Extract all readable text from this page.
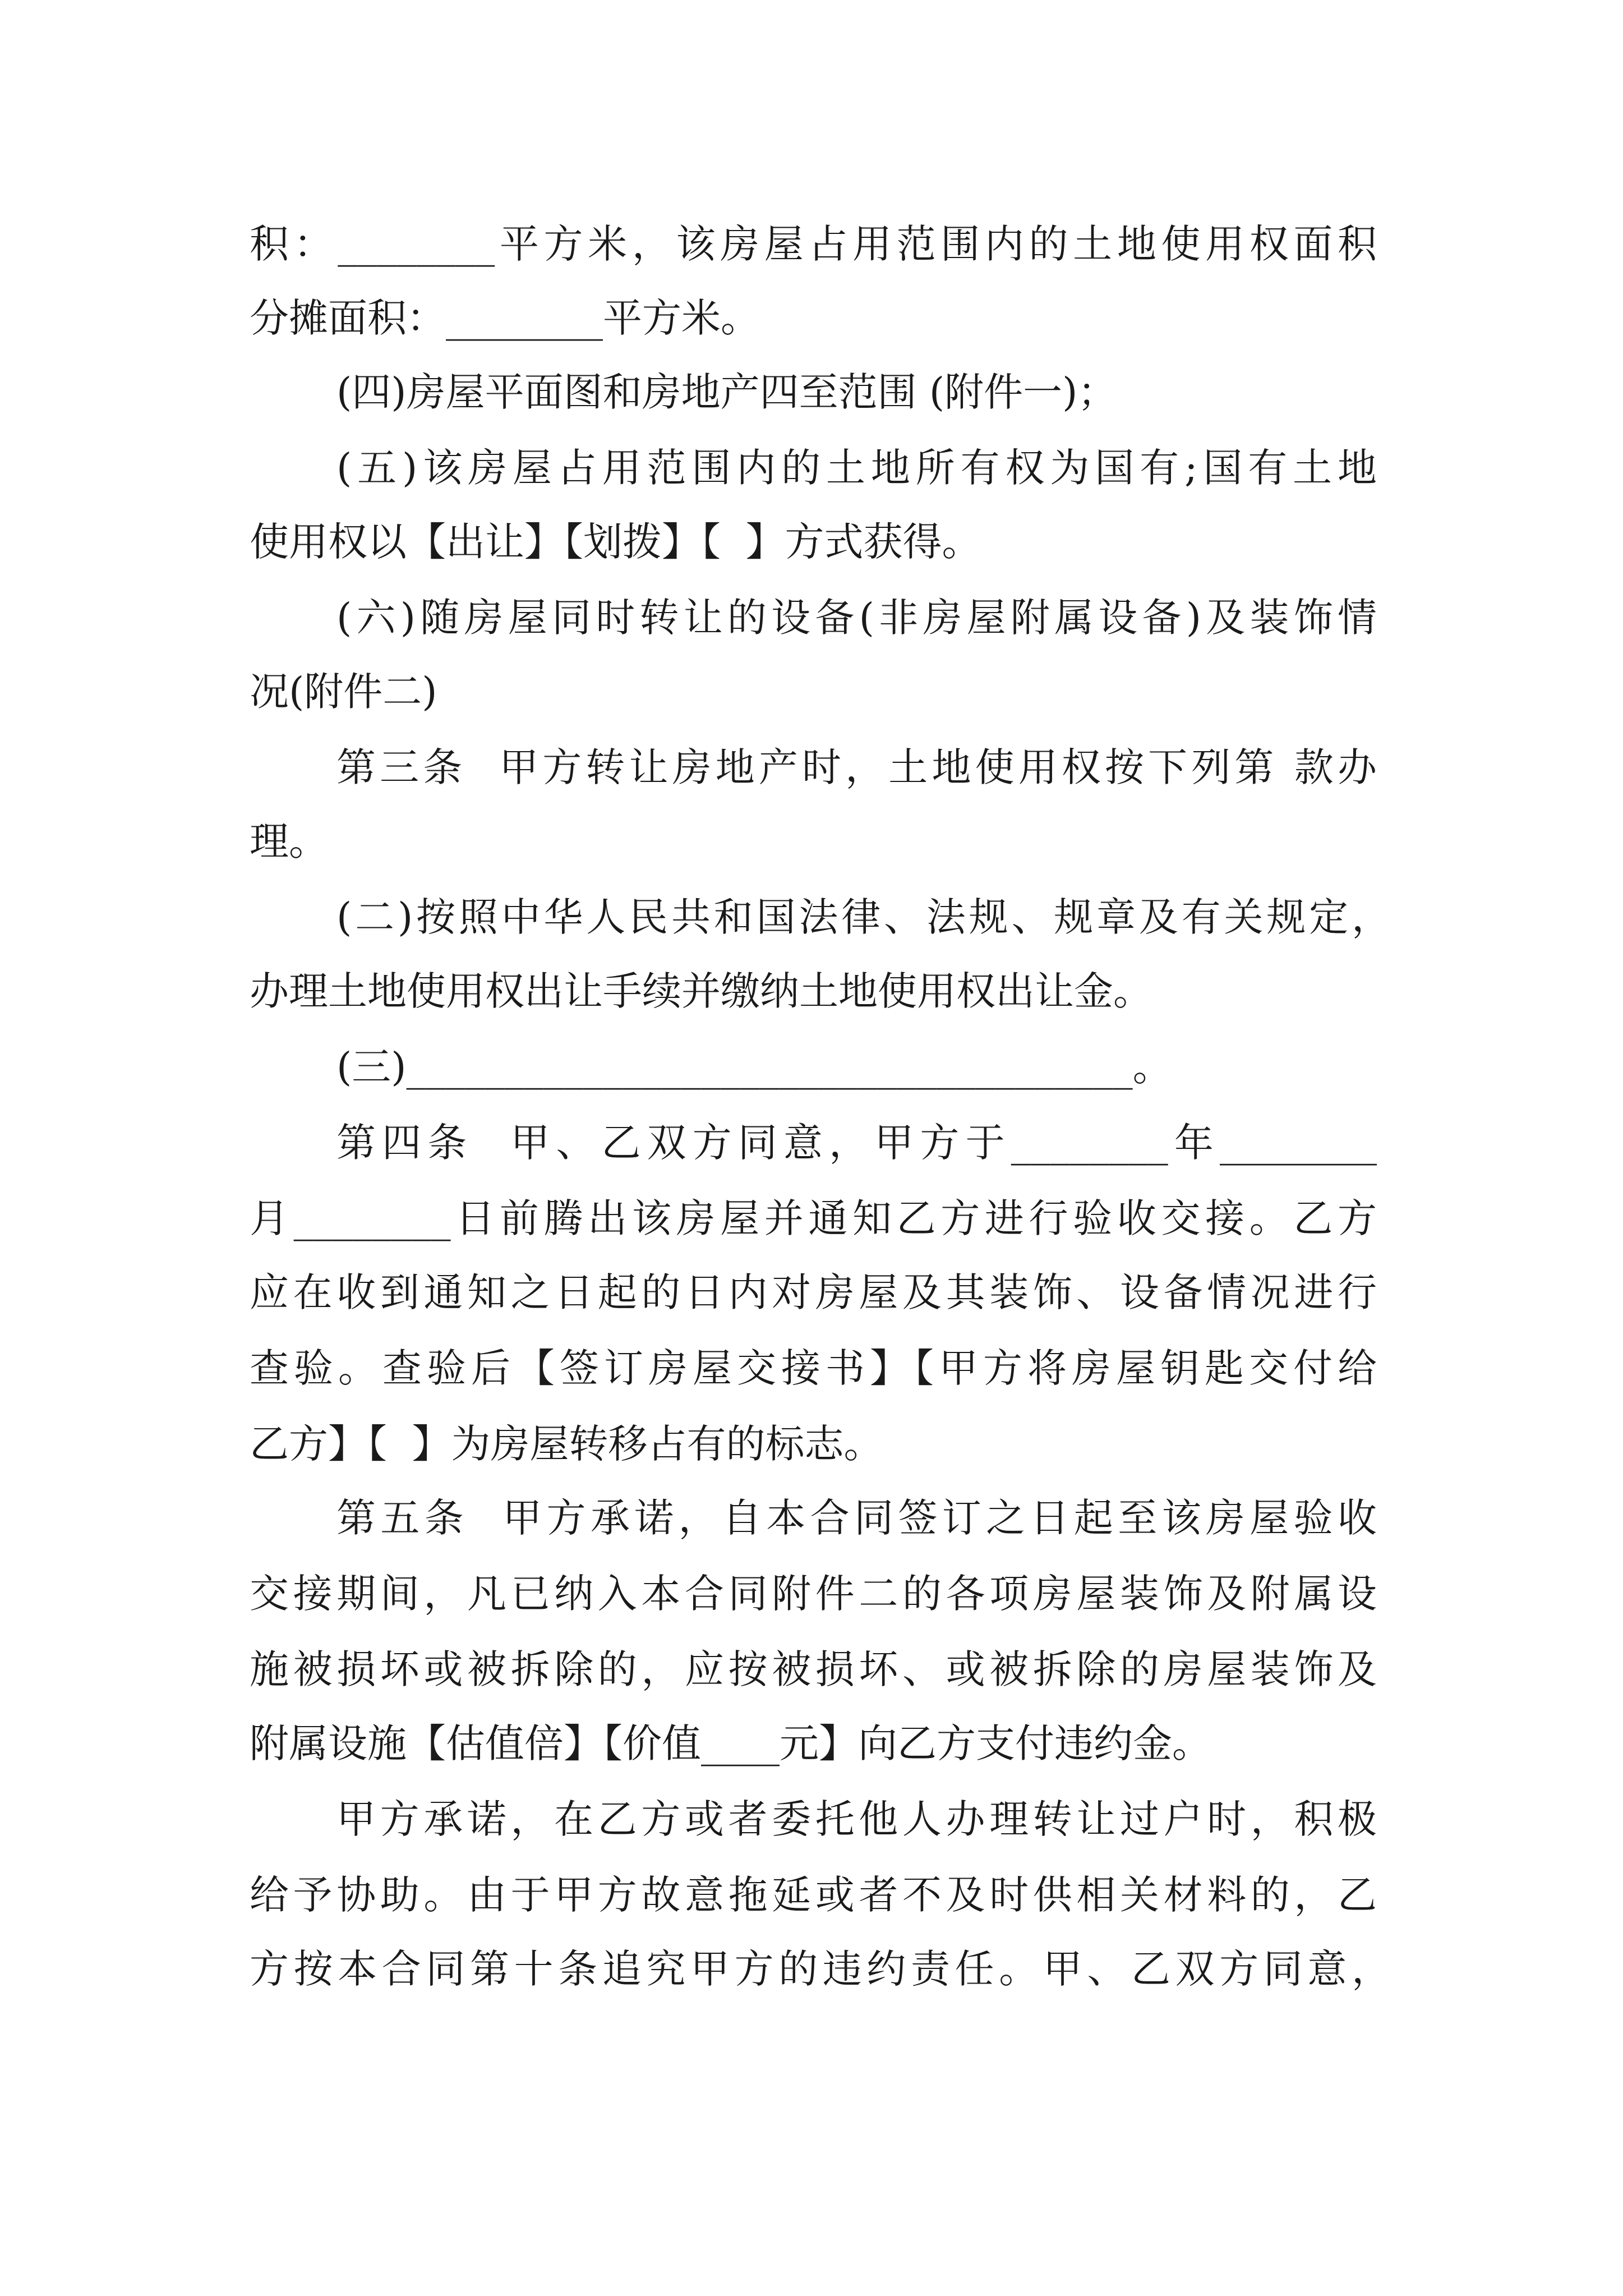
积：________平方米，该房屋占用范围内的土地使用权面积

分摊面积：________平方米。

(四)房屋平面图和房地产四至范围 (附件一)；

(五)该房屋占用范围内的土地所有权为国有;国有土地

使用权以【出让】【划拨】【  】方式获得。

(六)随房屋同时转让的设备(非房屋附属设备)及装饰情

况(附件二)

第三条  甲方转让房地产时，土地使用权按下列第 款办

理。

(二)按照中华人民共和国法律、法规、规章及有关规定，

办理土地使用权出让手续并缴纳土地使用权出让金。

(三)_____________________________________。

第四条  甲、乙双方同意，甲方于________年________

月________日前腾出该房屋并通知乙方进行验收交接。乙方

应在收到通知之日起的日内对房屋及其装饰、设备情况进行

查验。查验后【签订房屋交接书】【甲方将房屋钥匙交付给

乙方】【  】为房屋转移占有的标志。

第五条  甲方承诺，自本合同签订之日起至该房屋验收

交接期间，凡已纳入本合同附件二的各项房屋装饰及附属设

施被损坏或被拆除的，应按被损坏、或被拆除的房屋装饰及

附属设施【估值倍】【价值____元】向乙方支付违约金。

甲方承诺，在乙方或者委托他人办理转让过户时，积极

给予协助。由于甲方故意拖延或者不及时供相关材料的，乙

方按本合同第十条追究甲方的违约责任。甲、乙双方同意，
